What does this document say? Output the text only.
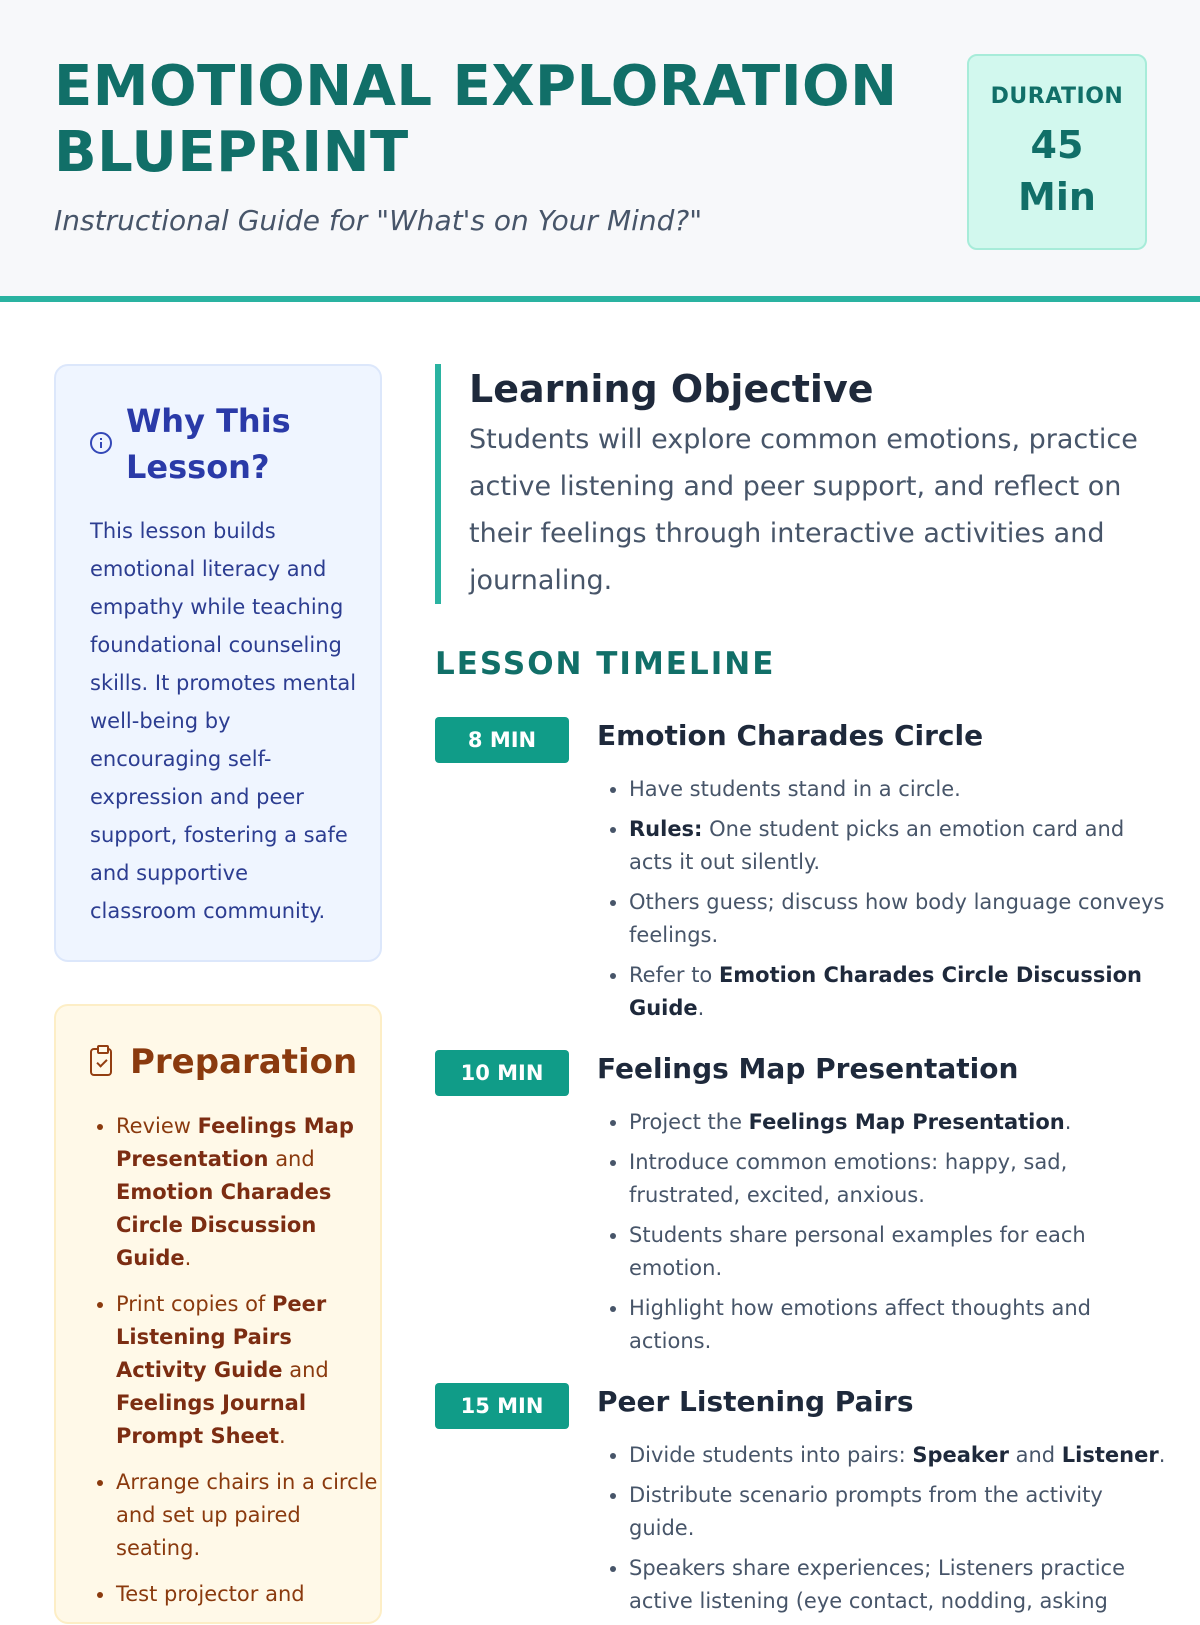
EMOTIONAL EXPLORATION
BLUEPRINT

Instructional Guide for "What's on Your Mind?"

DURATION
45
Min
Why This Lesson?

This lesson builds emotional literacy and empathy while teaching foundational counseling skills. It promotes mental well-being by encouraging self-expression and peer support, fostering a safe and supportive classroom community.

Preparation
• Review Feelings Map Presentation and Emotion Charades Circle Discussion Guide.
• Print copies of Peer Listening Pairs Activity Guide and Feelings Journal Prompt Sheet.
• Arrange chairs in a circle and set up paired seating.
• Test projector and
Learning Objective

Students will explore common emotions, practice active listening and peer support, and reflect on their feelings through interactive activities and journaling.

LESSON TIMELINE
8 MIN	Emotion Charades Circle
• Have students stand in a circle.
• Rules: One student picks an emotion card and acts it out silently.
• Others guess; discuss how body language conveys feelings.
• Refer to Emotion Charades Circle Discussion Guide.
10 MIN	Feelings Map Presentation
• Project the Feelings Map Presentation.
• Introduce common emotions: happy, sad, frustrated, excited, anxious.
• Students share personal examples for each emotion.
• Highlight how emotions affect thoughts and actions.
15 MIN	Peer Listening Pairs
• Divide students into pairs: Speaker and Listener.
• Distribute scenario prompts from the activity guide.
• Speakers share experiences; Listeners practice active listening (eye contact, nodding, asking
